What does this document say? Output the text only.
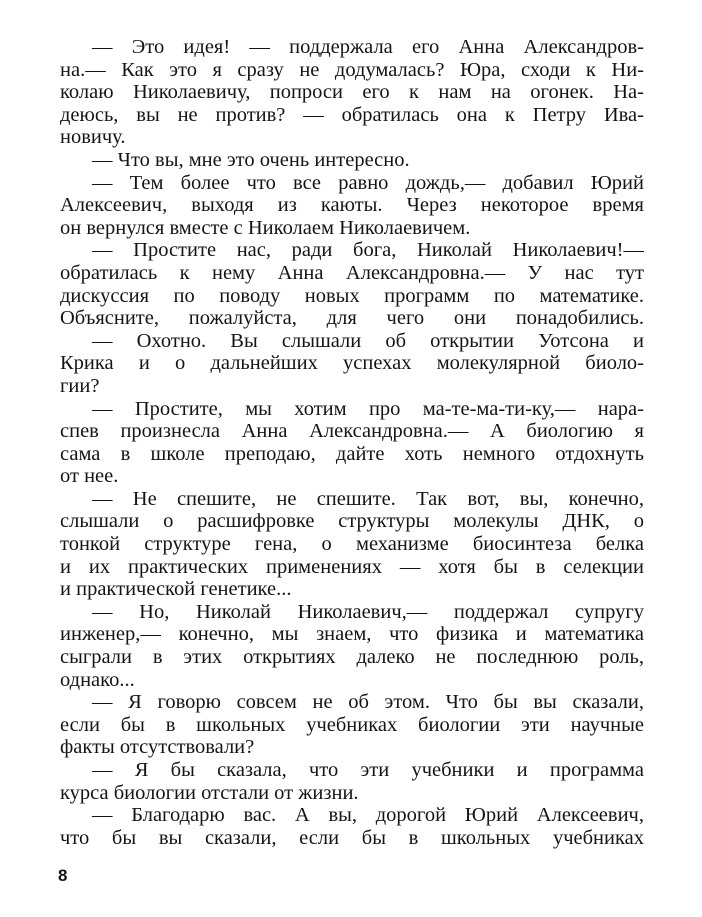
— Это идея! — поддержала его Анна Александров-
на.— Как это я сразу не додумалась? Юра, сходи к Ни-
колаю Николаевичу, попроси его к нам на огонек. На-
деюсь, вы не против? — обратилась она к Петру Ива-
новичу.
— Что вы, мне это очень интересно.
— Тем более что все равно дождь,— добавил Юрий
Алексеевич, выходя из каюты. Через некоторое время
он вернулся вместе с Николаем Николаевичем.
— Простите нас, ради бога, Николай Николаевич!—
обратилась к нему Анна Александровна.— У нас тут
дискуссия по поводу новых программ по математике.
Объясните, пожалуйста, для чего они понадобились.
— Охотно. Вы слышали об открытии Уотсона и
Крика и о дальнейших успехах молекулярной биоло-
гии?
— Простите, мы хотим про ма-те-ма-ти-ку,— нара-
спев произнесла Анна Александровна.— А биологию я
сама в школе преподаю, дайте хоть немного отдохнуть
от нее.
— Не спешите, не спешите. Так вот, вы, конечно,
слышали о расшифровке структуры молекулы ДНК, о
тонкой структуре гена, о механизме биосинтеза белка
и их практических применениях — хотя бы в селекции
и практической генетике...
— Но, Николай Николаевич,— поддержал супругу
инженер,— конечно, мы знаем, что физика и математика
сыграли в этих открытиях далеко не последнюю роль,
однако...
— Я говорю совсем не об этом. Что бы вы сказали,
если бы в школьных учебниках биологии эти научные
факты отсутствовали?
— Я бы сказала, что эти учебники и программа
курса биологии отстали от жизни.
— Благодарю вас. А вы, дорогой Юрий Алексеевич,
что бы вы сказали, если бы в школьных учебниках
8
